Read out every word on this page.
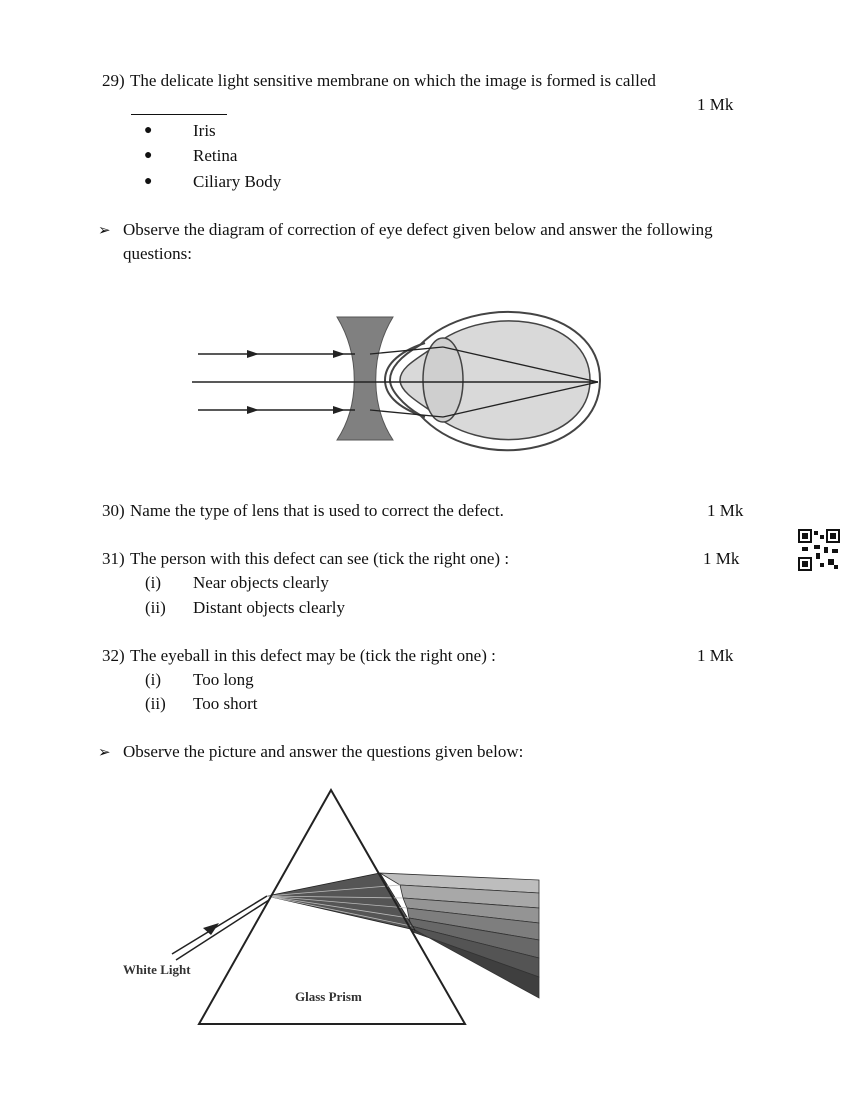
29) The delicate light sensitive membrane on which the image is formed is called
1 Mk
● Iris
● Retina
● Ciliary Body
➢ Observe the diagram of correction of eye defect given below and answer the following
questions:
30) Name the type of lens that is used to correct the defect.	1 Mk
31) The person with this defect can see (tick the right one) :	1 Mk
(i) Near objects clearly
(ii) Distant objects clearly
32) The eyeball in this defect may be (tick the right one) :	1 Mk
(i) Too long
(ii) Too short
➢ Observe the picture and answer the questions given below:
White Light
Glass Prism
